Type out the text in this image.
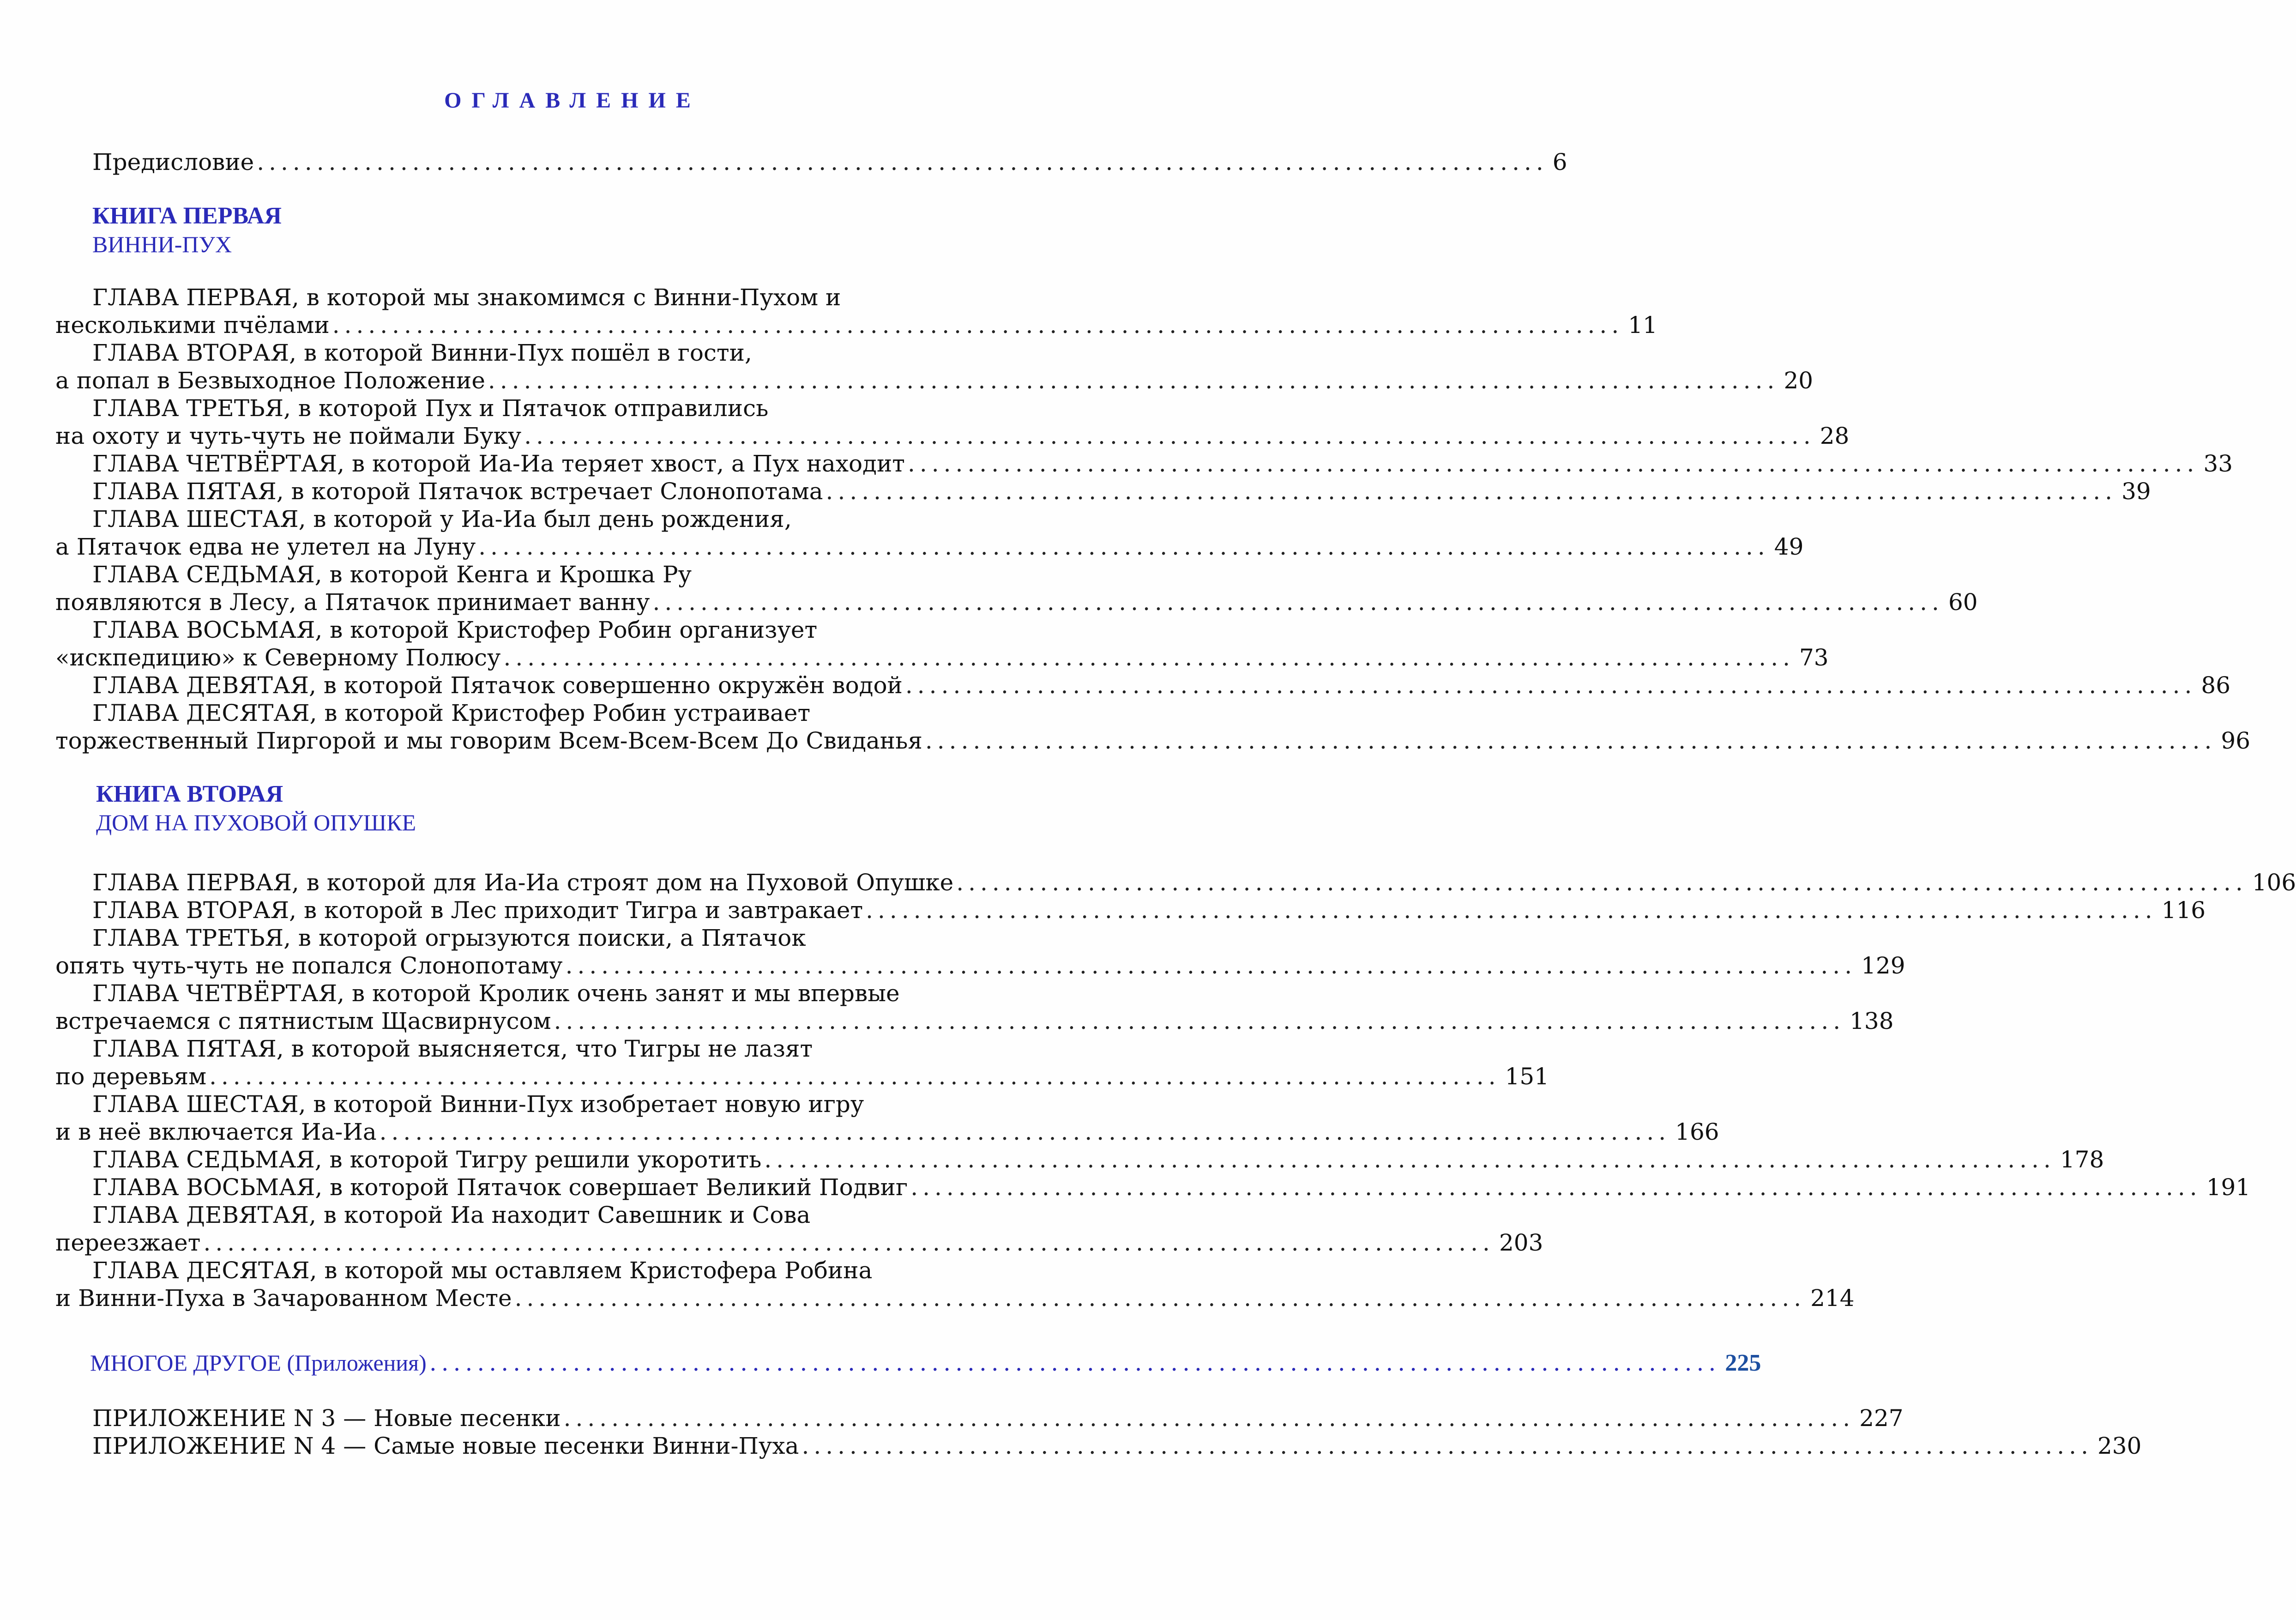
ОГЛАВЛЕНИЕ
Предисловие ............................................................................................................ 6
КНИГА ПЕРВАЯ
ВИННИ-ПУХ
ГЛАВА ПЕРВАЯ, в которой мы знакомимся с Винни-Пухом и
несколькими пчёлами ............................................................................................................ 11
ГЛАВА ВТОРАЯ, в которой Винни-Пух пошёл в гости,
а попал в Безвыходное Положение ............................................................................................................ 20
ГЛАВА ТРЕТЬЯ, в которой Пух и Пятачок отправились
на охоту и чуть-чуть не поймали Буку ............................................................................................................ 28
ГЛАВА ЧЕТВЁРТАЯ, в которой Иа-Иа теряет хвост, а Пух находит ............................................................................................................ 33
ГЛАВА ПЯТАЯ, в которой Пятачок встречает Слонопотама ............................................................................................................ 39
ГЛАВА ШЕСТАЯ, в которой у Иа-Иа был день рождения,
а Пятачок едва не улетел на Луну ............................................................................................................ 49
ГЛАВА СЕДЬМАЯ, в которой Кенга и Крошка Ру
появляются в Лесу, а Пятачок принимает ванну ............................................................................................................ 60
ГЛАВА ВОСЬМАЯ, в которой Кристофер Робин организует
«искпедицию» к Северному Полюсу ............................................................................................................ 73
ГЛАВА ДЕВЯТАЯ, в которой Пятачок совершенно окружён водой ............................................................................................................ 86
ГЛАВА ДЕСЯТАЯ, в которой Кристофер Робин устраивает
торжественный Пиргорой и мы говорим Всем-Всем-Всем До Свиданья ............................................................................................................ 96
КНИГА ВТОРАЯ
ДОМ НА ПУХОВОЙ ОПУШКЕ
ГЛАВА ПЕРВАЯ, в которой для Иа-Иа строят дом на Пуховой Опушке ............................................................................................................ 106
ГЛАВА ВТОРАЯ, в которой в Лес приходит Тигра и завтракает ............................................................................................................ 116
ГЛАВА ТРЕТЬЯ, в которой огрызуются поиски, а Пятачок
опять чуть-чуть не попался Слонопотаму ............................................................................................................ 129
ГЛАВА ЧЕТВЁРТАЯ, в которой Кролик очень занят и мы впервые
встречаемся с пятнистым Щасвирнусом ............................................................................................................ 138
ГЛАВА ПЯТАЯ, в которой выясняется, что Тигры не лазят
по деревьям ............................................................................................................ 151
ГЛАВА ШЕСТАЯ, в которой Винни-Пух изобретает новую игру
и в неё включается Иа-Иа ............................................................................................................ 166
ГЛАВА СЕДЬМАЯ, в которой Тигру решили укоротить ............................................................................................................ 178
ГЛАВА ВОСЬМАЯ, в которой Пятачок совершает Великий Подвиг ............................................................................................................ 191
ГЛАВА ДЕВЯТАЯ, в которой Иа находит Савешник и Сова
переезжает ............................................................................................................ 203
ГЛАВА ДЕСЯТАЯ, в которой мы оставляем Кристофера Робина
и Винни-Пуха в Зачарованном Месте ............................................................................................................ 214
МНОГОЕ ДРУГОЕ (Приложения) ............................................................................................................ 225
ПРИЛОЖЕНИЕ N 3 — Новые песенки ............................................................................................................ 227
ПРИЛОЖЕНИЕ N 4 — Самые новые песенки Винни-Пуха ............................................................................................................ 230
